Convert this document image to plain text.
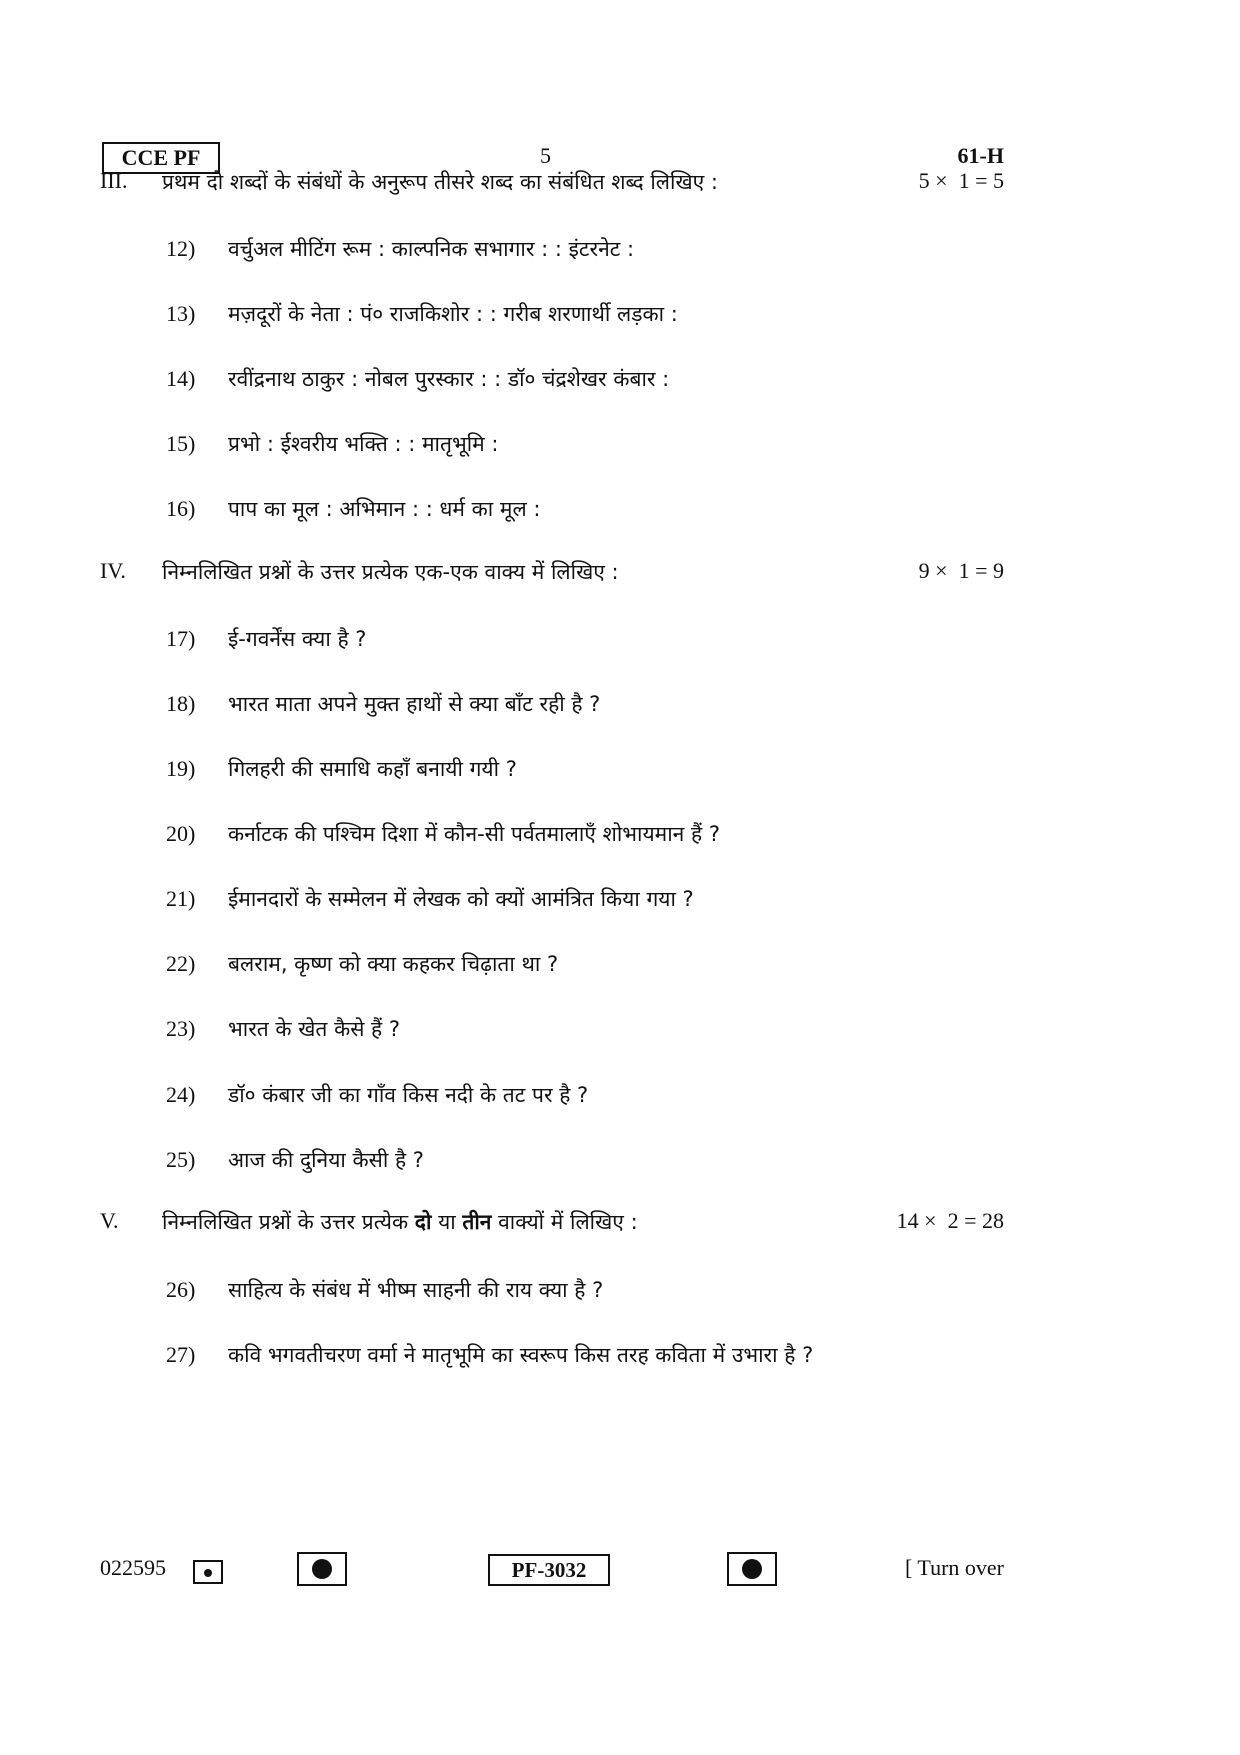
CCE PF	5	61-H
III. प्रथम दो शब्दों के संबंधों के अनुरूप तीसरे शब्द का संबंधित शब्द लिखिए :	5 ×  1 = 5
12) वर्चुअल मीटिंग रूम : काल्पनिक सभागार : : इंटरनेट :
13) मज़दूरों के नेता : पं० राजकिशोर : : गरीब शरणार्थी लड़का :
14) रवींद्रनाथ ठाकुर : नोबल पुरस्कार : : डॉ० चंद्रशेखर कंबार :
15) प्रभो : ईश्वरीय भक्ति : : मातृभूमि :
16) पाप का मूल : अभिमान : : धर्म का मूल :
IV. निम्नलिखित प्रश्नों के उत्तर प्रत्येक एक-एक वाक्य में लिखिए :	9 ×  1 = 9
17) ई-गवर्नेंस क्या है ?
18) भारत माता अपने मुक्त हाथों से क्या बाँट रही है ?
19) गिलहरी की समाधि कहाँ बनायी गयी ?
20) कर्नाटक की पश्चिम दिशा में कौन-सी पर्वतमालाएँ शोभायमान हैं ?
21) ईमानदारों के सम्मेलन में लेखक को क्यों आमंत्रित किया गया ?
22) बलराम, कृष्ण को क्या कहकर चिढ़ाता था ?
23) भारत के खेत कैसे हैं ?
24) डॉ० कंबार जी का गाँव किस नदी के तट पर है ?
25) आज की दुनिया कैसी है ?
V. निम्नलिखित प्रश्नों के उत्तर प्रत्येक दो या तीन वाक्यों में लिखिए :	14 ×  2 = 28
26) साहित्य के संबंध में भीष्म साहनी की राय क्या है ?
27) कवि भगवतीचरण वर्मा ने मातृभूमि का स्वरूप किस तरह कविता में उभारा है ?
022595	PF-3032	[ Turn over
